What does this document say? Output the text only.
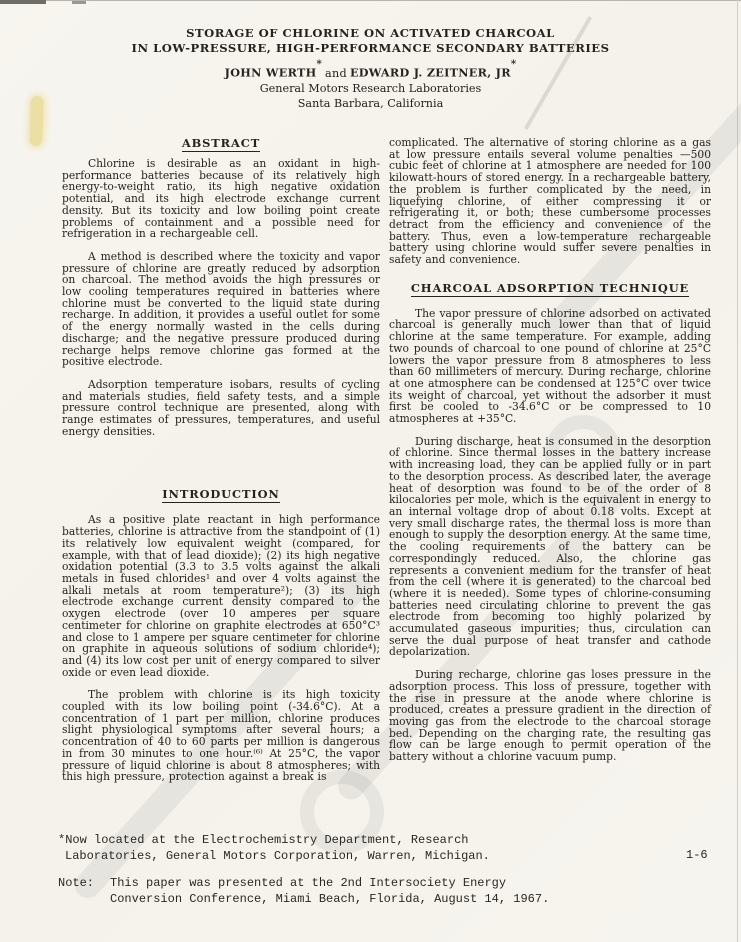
STORAGE OF CHLORINE ON ACTIVATED CHARCOAL
IN LOW-PRESSURE, HIGH-PERFORMANCE SECONDARY BATTERIES
JOHN WERTH*and EDWARD J. ZEITNER, JR*
General Motors Research Laboratories
Santa Barbara, California
ABSTRACT

Chlorine is desirable as an oxidant in high-performance batteries because of its relatively high energy-to-weight ratio, its high negative oxidation potential, and its high electrode exchange current density. But its toxicity and low boiling point create problems of containment and a possible need for refrigeration in a rechargeable cell.

A method is described where the toxicity and vapor pressure of chlorine are greatly reduced by adsorption on charcoal. The method avoids the high pressures or low cooling temperatures required in batteries where chlorine must be converted to the liquid state during recharge. In addition, it provides a useful outlet for some of the energy normally wasted in the cells during discharge; and the negative pressure produced during recharge helps remove chlorine gas formed at the positive electrode.

Adsorption temperature isobars, results of cycling and materials studies, field safety tests, and a simple pressure control technique are presented, along with range estimates of pressures, temperatures, and useful energy densities.

INTRODUCTION

As a positive plate reactant in high performance batteries, chlorine is attractive from the standpoint of (1) its relatively low equivalent weight (compared, for example, with that of lead dioxide); (2) its high negative oxidation potential (3.3 to 3.5 volts against the alkali metals in fused chlorides¹ and over 4 volts against the alkali metals at room temperature²); (3) its high electrode exchange current density compared to the oxygen electrode (over 10 amperes per square centimeter for chlorine on graphite electrodes at 650°C³ and close to 1 ampere per square centimeter for chlorine on graphite in aqueous solutions of sodium chloride⁴); and (4) its low cost per unit of energy compared to silver oxide or even lead dioxide.

The problem with chlorine is its high toxicity coupled with its low boiling point (-34.6°C). At a concentration of 1 part per million, chlorine produces slight physiological symptoms after several hours; a concentration of 40 to 60 parts per million is dangerous in from 30 minutes to one hour.⁽⁶⁾ At 25°C, the vapor pressure of liquid chlorine is about 8 atmospheres; with this high pressure, protection against a break is

complicated. The alternative of storing chlorine as a gas at low pressure entails several volume penalties —500 cubic feet of chlorine at 1 atmosphere are needed for 100 kilowatt-hours of stored energy. In a rechargeable battery, the problem is further complicated by the need, in liquefying chlorine, of either compressing it or refrigerating it, or both; these cumbersome processes detract from the efficiency and convenience of the battery. Thus, even a low-temperature rechargeable battery using chlorine would suffer severe penalties in safety and convenience.

CHARCOAL ADSORPTION TECHNIQUE

The vapor pressure of chlorine adsorbed on activated charcoal is generally much lower than that of liquid chlorine at the same temperature. For example, adding two pounds of charcoal to one pound of chlorine at 25°C lowers the vapor pressure from 8 atmospheres to less than 60 millimeters of mercury. During recharge, chlorine at one atmosphere can be condensed at 125°C over twice its weight of charcoal, yet without the adsorber it must first be cooled to -34.6°C or be compressed to 10 atmospheres at +35°C.

During discharge, heat is consumed in the desorption of chlorine. Since thermal losses in the battery increase with increasing load, they can be applied fully or in part to the desorption process. As described later, the average heat of desorption was found to be of the order of 8 kilocalories per mole, which is the equivalent in energy to an internal voltage drop of about 0.18 volts. Except at very small discharge rates, the thermal loss is more than enough to supply the desorption energy. At the same time, the cooling requirements of the battery can be correspondingly reduced. Also, the chlorine gas represents a convenient medium for the transfer of heat from the cell (where it is generated) to the charcoal bed (where it is needed). Some types of chlorine-consuming batteries need circulating chlorine to prevent the gas electrode from becoming too highly polarized by accumulated gaseous impurities; thus, circulation can serve the dual purpose of heat transfer and cathode depolarization.

During recharge, chlorine gas loses pressure in the adsorption process. This loss of pressure, together with the rise in pressure at the anode where chlorine is produced, creates a pressure gradient in the direction of moving gas from the electrode to the charcoal storage bed. Depending on the charging rate, the resulting gas flow can be large enough to permit operation of the battery without a chlorine vacuum pump.

*Now located at the Electrochemistry Department, Research
Laboratories, General Motors Corporation, Warren, Michigan.
Note: This paper was presented at the 2nd Intersociety Energy
Conversion Conference, Miami Beach, Florida, August 14, 1967.
1-6
